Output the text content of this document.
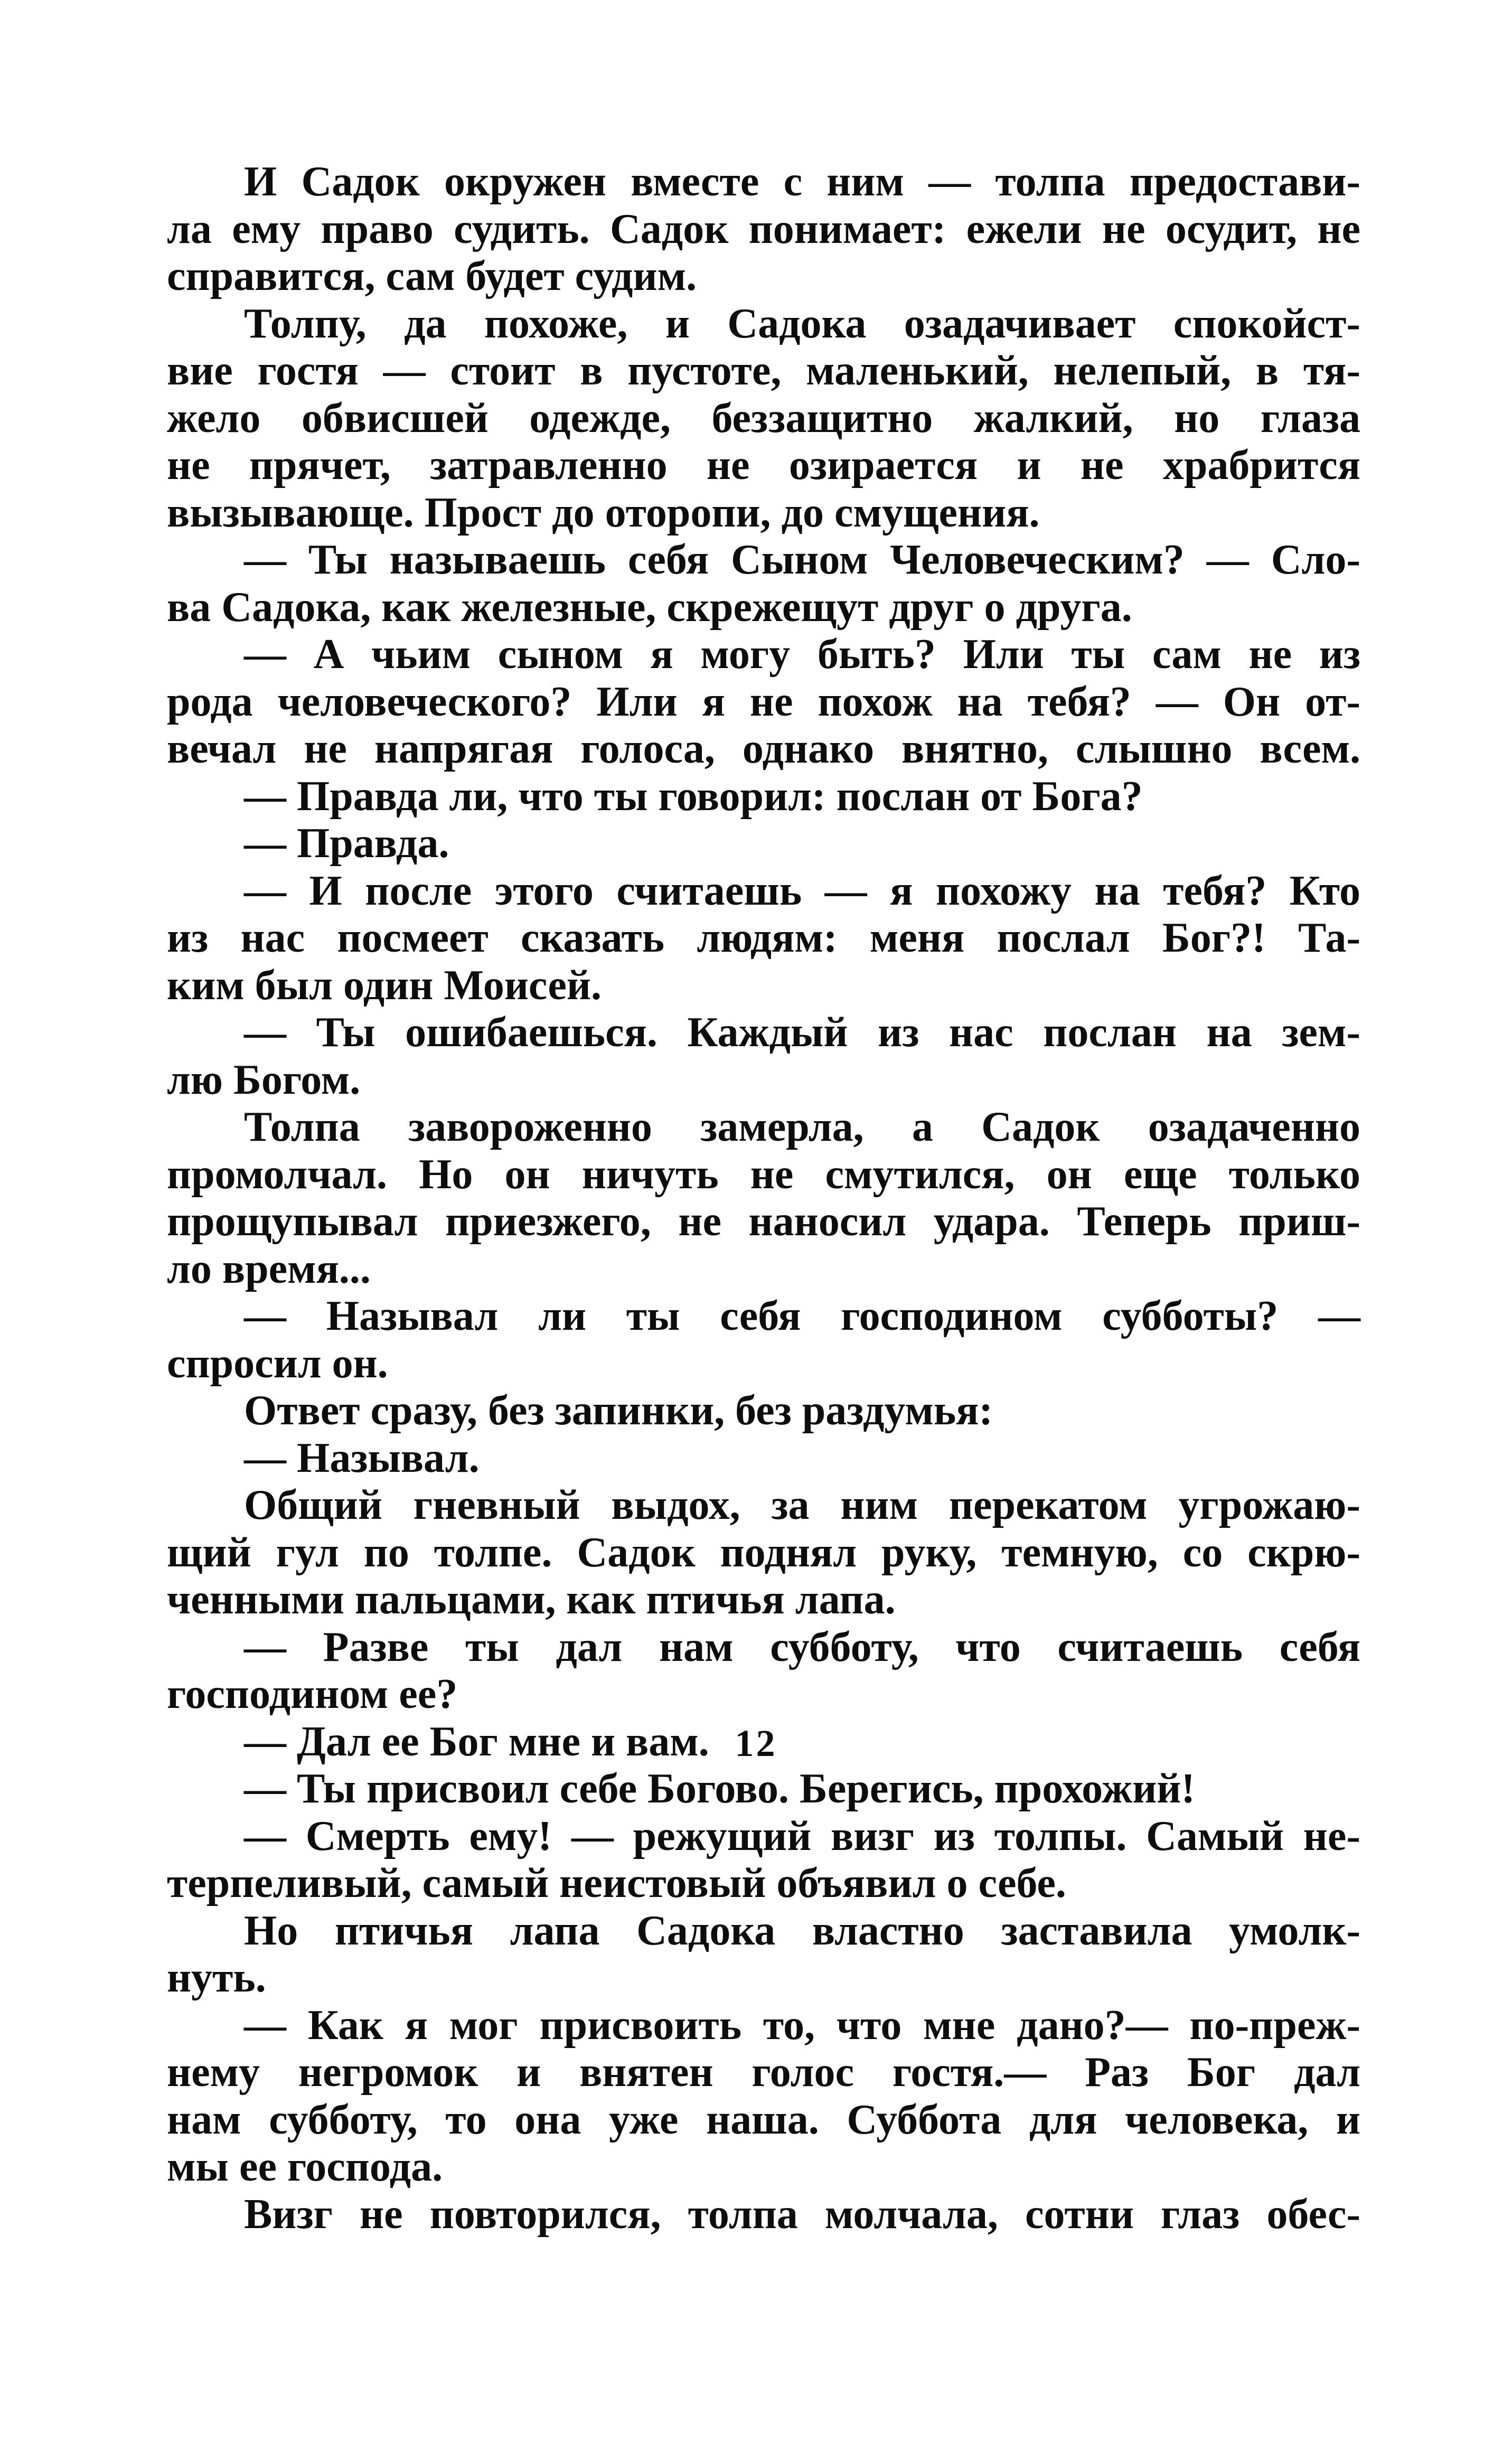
И Садок окружен вместе с ним — толпа предостави-
ла ему право судить. Садок понимает: ежели не осудит, не
справится, сам будет судим.
Толпу, да похоже, и Садока озадачивает спокойст-
вие гостя — стоит в пустоте, маленький, нелепый, в тя-
жело обвисшей одежде, беззащитно жалкий, но глаза
не прячет, затравленно не озирается и не храбрится
вызывающе. Прост до оторопи, до смущения.
— Ты называешь себя Сыном Человеческим? — Сло-
ва Садока, как железные, скрежещут друг о друга.
— А чьим сыном я могу быть? Или ты сам не из
рода человеческого? Или я не похож на тебя? — Он от-
вечал не напрягая голоса, однако внятно, слышно всем.
— Правда ли, что ты говорил: послан от Бога?
— Правда.
— И после этого считаешь — я похожу на тебя? Кто
из нас посмеет сказать людям: меня послал Бог?! Та-
ким был один Моисей.
— Ты ошибаешься. Каждый из нас послан на зем-
лю Богом.
Толпа завороженно замерла, а Садок озадаченно
промолчал. Но он ничуть не смутился, он еще только
прощупывал приезжего, не наносил удара. Теперь приш-
ло время...
— Называл ли ты себя господином субботы? —
спросил он.
Ответ сразу, без запинки, без раздумья:
— Называл.
Общий гневный выдох, за ним перекатом угрожаю-
щий гул по толпе. Садок поднял руку, темную, со скрю-
ченными пальцами, как птичья лапа.
— Разве ты дал нам субботу, что считаешь себя
господином ее?
— Дал ее Бог мне и вам.
— Ты присвоил себе Богово. Берегись, прохожий!
— Смерть ему! — режущий визг из толпы. Самый не-
терпеливый, самый неистовый объявил о себе.
Но птичья лапа Садока властно заставила умолк-
нуть.
— Как я мог присвоить то, что мне дано?— по-преж-
нему негромок и внятен голос гостя.— Раз Бог дал
нам субботу, то она уже наша. Суббота для человека, и
мы ее господа.
Визг не повторился, толпа молчала, сотни глаз обес-
12
